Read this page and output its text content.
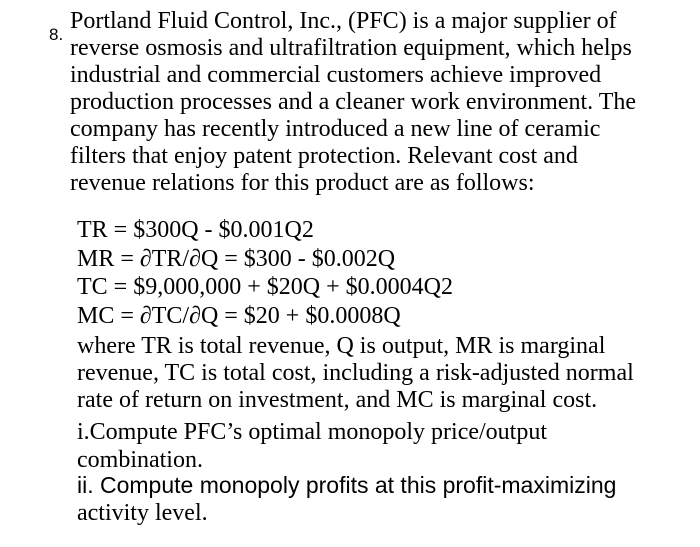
8.
Portland Fluid Control, Inc., (PFC) is a major supplier of
reverse osmosis and ultrafiltration equipment, which helps
industrial and commercial customers achieve improved
production processes and a cleaner work environment. The
company has recently introduced a new line of ceramic
filters that enjoy patent protection. Relevant cost and
revenue relations for this product are as follows:
TR = $300Q - $0.001Q2
MR = ∂TR/∂Q = $300 - $0.002Q
TC = $9,000,000 + $20Q + $0.0004Q2
MC = ∂TC/∂Q = $20 + $0.0008Q
where TR is total revenue, Q is output, MR is marginal
revenue, TC is total cost, including a risk-adjusted normal
rate of return on investment, and MC is marginal cost.
i.Compute PFC’s optimal monopoly price/output
combination.
ii. Compute monopoly profits at this profit-maximizing
activity level.
